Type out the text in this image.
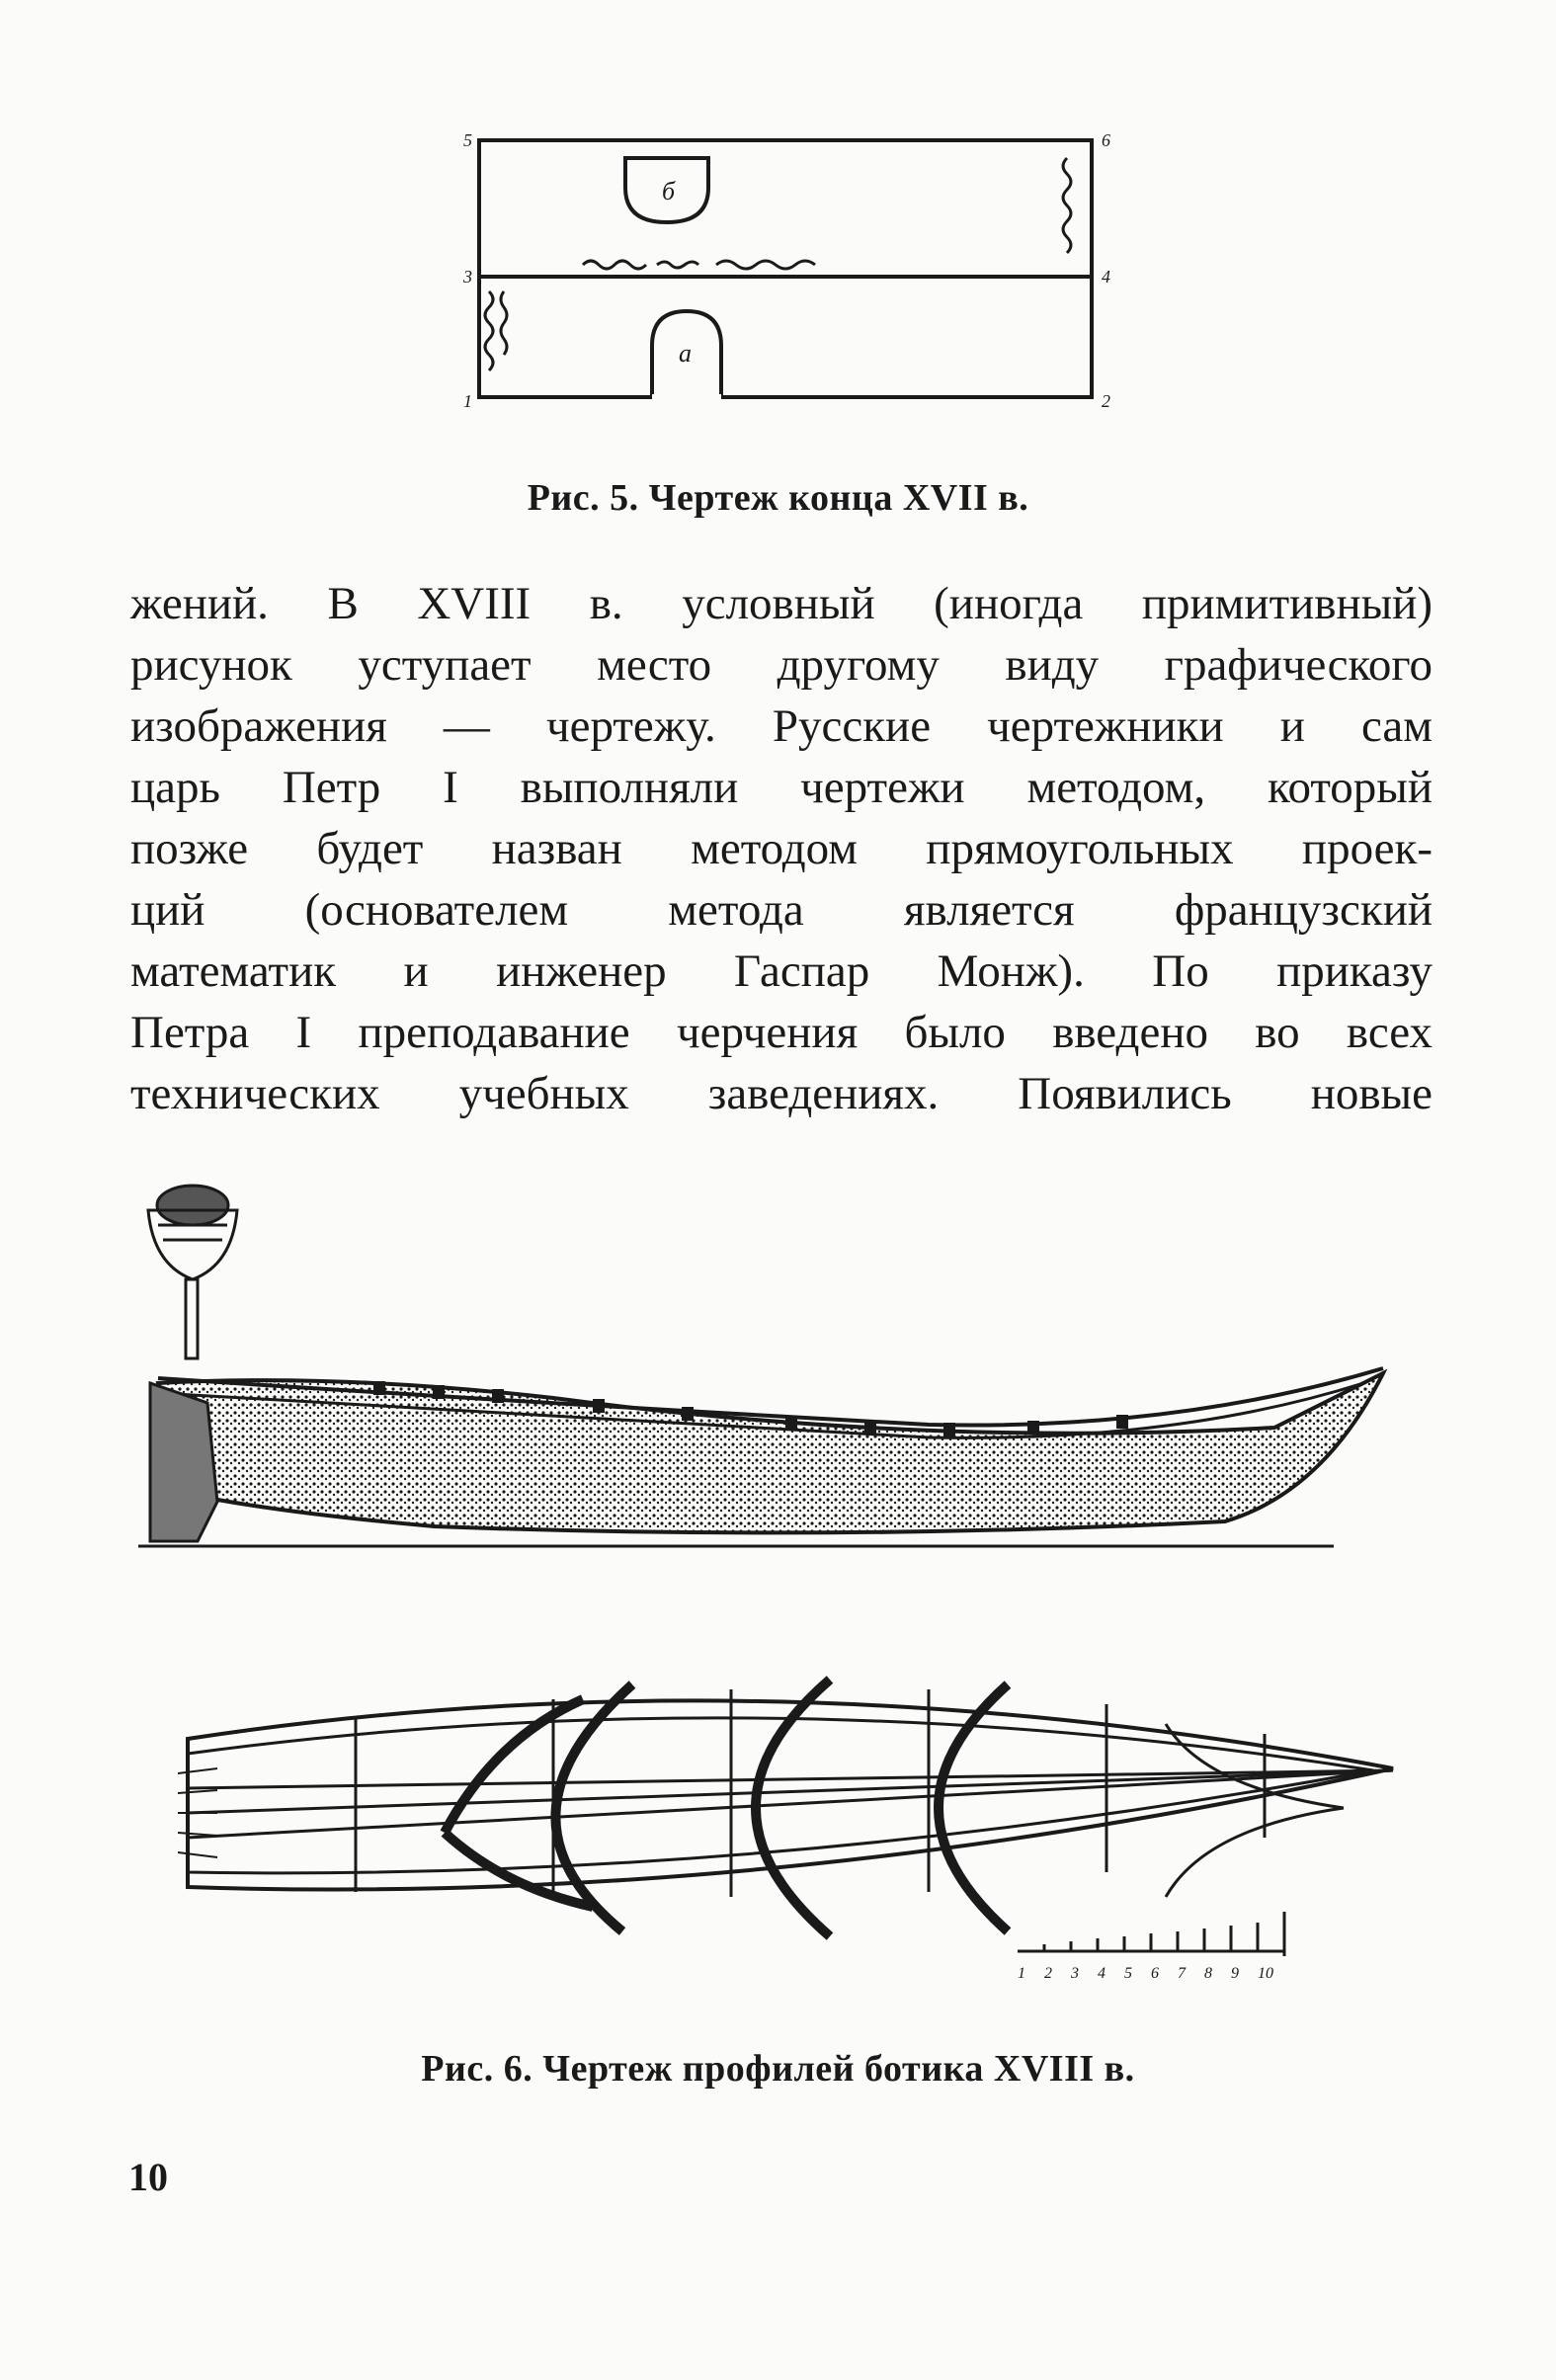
5	6
3	4
1	2
б
а
Рис. 5. Чертеж конца XVII в.
жений. В XVIII в. условный (иногда примитивный)
рисунок уступает место другому виду графического
изображения — чертежу. Русские чертежники и сам
царь Петр I выполняли чертежи методом, который
позже будет назван методом прямоугольных проек-
ций (основателем метода является французский
математик и инженер Гаспар Монж). По приказу
Петра I преподавание черчения было введено во всех
технических учебных заведениях. Появились новые
1 2 3 4 5 6 7 8 9 10
Рис. 6. Чертеж профилей ботика XVIII в.
10
